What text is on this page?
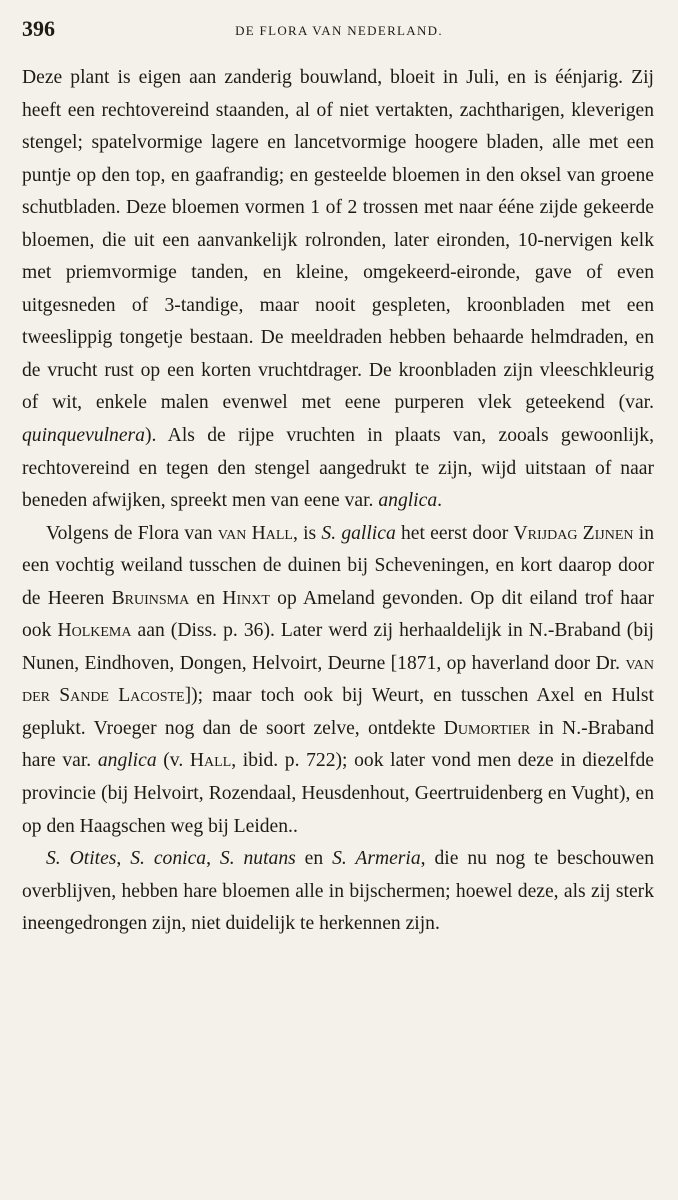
396	DE FLORA VAN NEDERLAND.

Deze plant is eigen aan zanderig bouwland, bloeit in Juli, en is éénjarig. Zij heeft een rechtovereind staanden, al of niet vertakten, zachtharigen, kleverigen stengel; spatelvormige lagere en lancetvormige hoogere bladen, alle met een puntje op den top, en gaafrandig; en gesteelde bloemen in den oksel van groene schutbladen. Deze bloemen vormen 1 of 2 trossen met naar ééne zijde gekeerde bloemen, die uit een aanvankelijk rolronden, later eironden, 10-nervigen kelk met priemvormige tanden, en kleine, omgekeerd-eironde, gave of even uitgesneden of 3-tandige, maar nooit gespleten, kroonbladen met een tweeslippig tongetje bestaan. De meeldraden hebben behaarde helmdraden, en de vrucht rust op een korten vruchtdrager. De kroonbladen zijn vleeschkleurig of wit, enkele malen evenwel met eene purperen vlek geteekend (var. quinquevulnera). Als de rijpe vruchten in plaats van, zooals gewoonlijk, rechtovereind en tegen den stengel aangedrukt te zijn, wijd uitstaan of naar beneden afwijken, spreekt men van eene var. anglica.

Volgens de Flora van van Hall, is S. gallica het eerst door Vrijdag Zijnen in een vochtig weiland tusschen de duinen bij Scheveningen, en kort daarop door de Heeren Bruinsma en Hinxt op Ameland gevonden. Op dit eiland trof haar ook Holkema aan (Diss. p. 36). Later werd zij herhaaldelijk in N.-Braband (bij Nunen, Eindhoven, Dongen, Helvoirt, Deurne [1871, op haverland door Dr. van der Sande Lacoste]); maar toch ook bij Weurt, en tusschen Axel en Hulst geplukt. Vroeger nog dan de soort zelve, ontdekte Dumortier in N.-Braband hare var. anglica (v. Hall, ibid. p. 722); ook later vond men deze in diezelfde provincie (bij Helvoirt, Rozendaal, Heusdenhout, Geertruidenberg en Vught), en op den Haagschen weg bij Leiden..

S. Otites, S. conica, S. nutans en S. Armeria, die nu nog te beschouwen overblijven, hebben hare bloemen alle in bijschermen; hoewel deze, als zij sterk ineengedrongen zijn, niet duidelijk te herkennen zijn.
